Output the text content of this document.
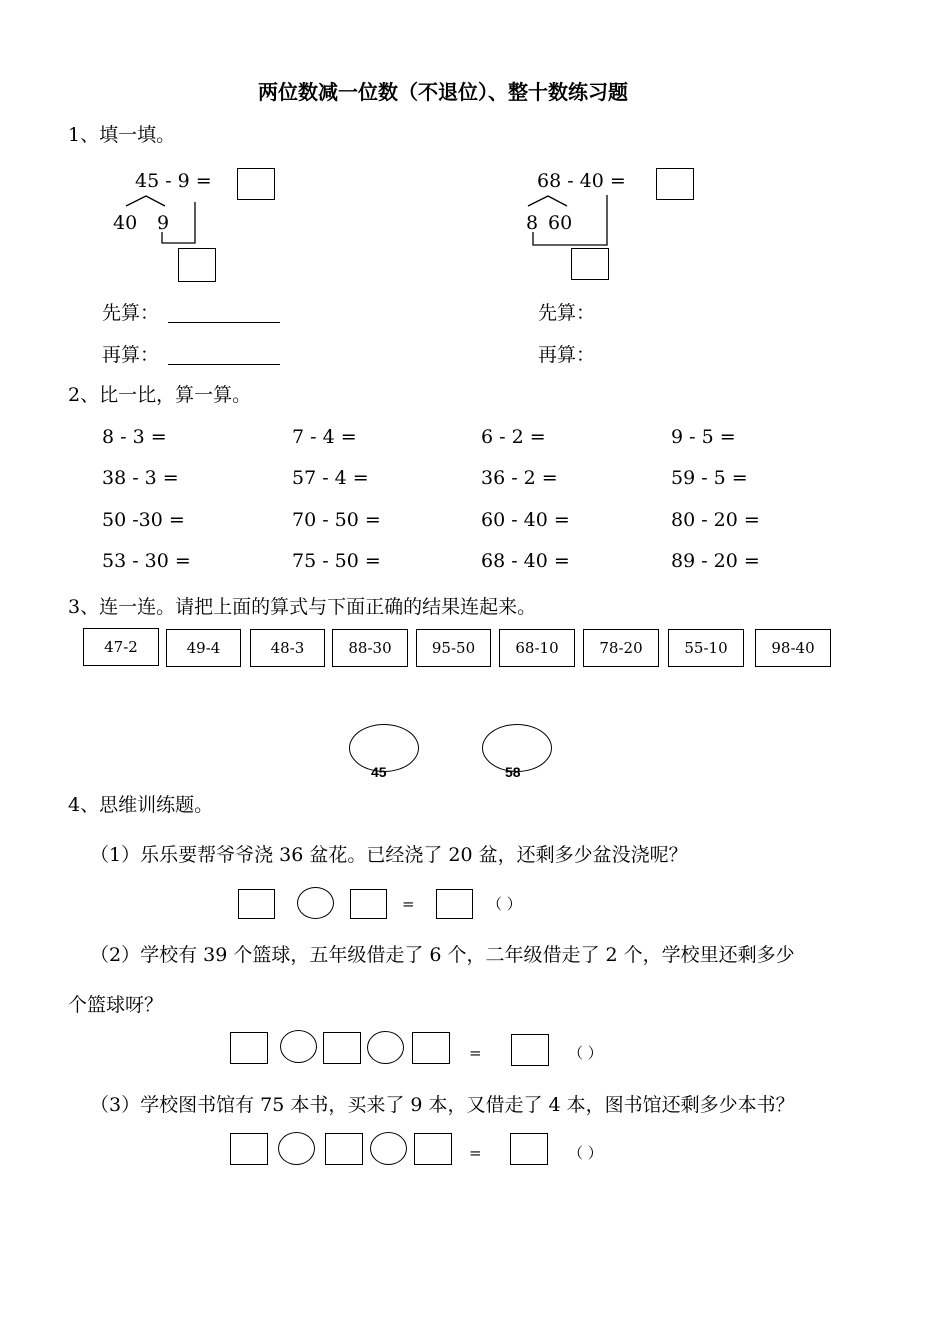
两位数减一位数（不退位）、整十数练习题
1、填一填。
45 - 9 =
40 9
68 - 40 =
8 60
先算：
再算：
先算：
再算：
2、比一比，算一算。
8 - 3 =	7 - 4 =	6 - 2 =	9 - 5 =
38 - 3 =	57 - 4 =	36 - 2 =	59 - 5 =
50 -30 =	70 - 50 =	60 - 40 =	80 - 20 =
53 - 30 =	75 - 50 =	68 - 40 =	89 - 20 =
3、连一连。请把上面的算式与下面正确的结果连起来。
47-2	49-4	48-3	88-30	95-50	68-10	78-20	55-10	98-40
45	58
4、思维训练题。
（1）乐乐要帮爷爷浇 36 盆花。已经浇了 20 盆，还剩多少盆没浇呢？
=	（ ）
（2）学校有 39 个篮球，五年级借走了 6 个，二年级借走了 2 个，学校里还剩多少
个篮球呀？
=	（ ）
（3）学校图书馆有 75 本书，买来了 9 本，又借走了 4 本，图书馆还剩多少本书？
=	（ ）
